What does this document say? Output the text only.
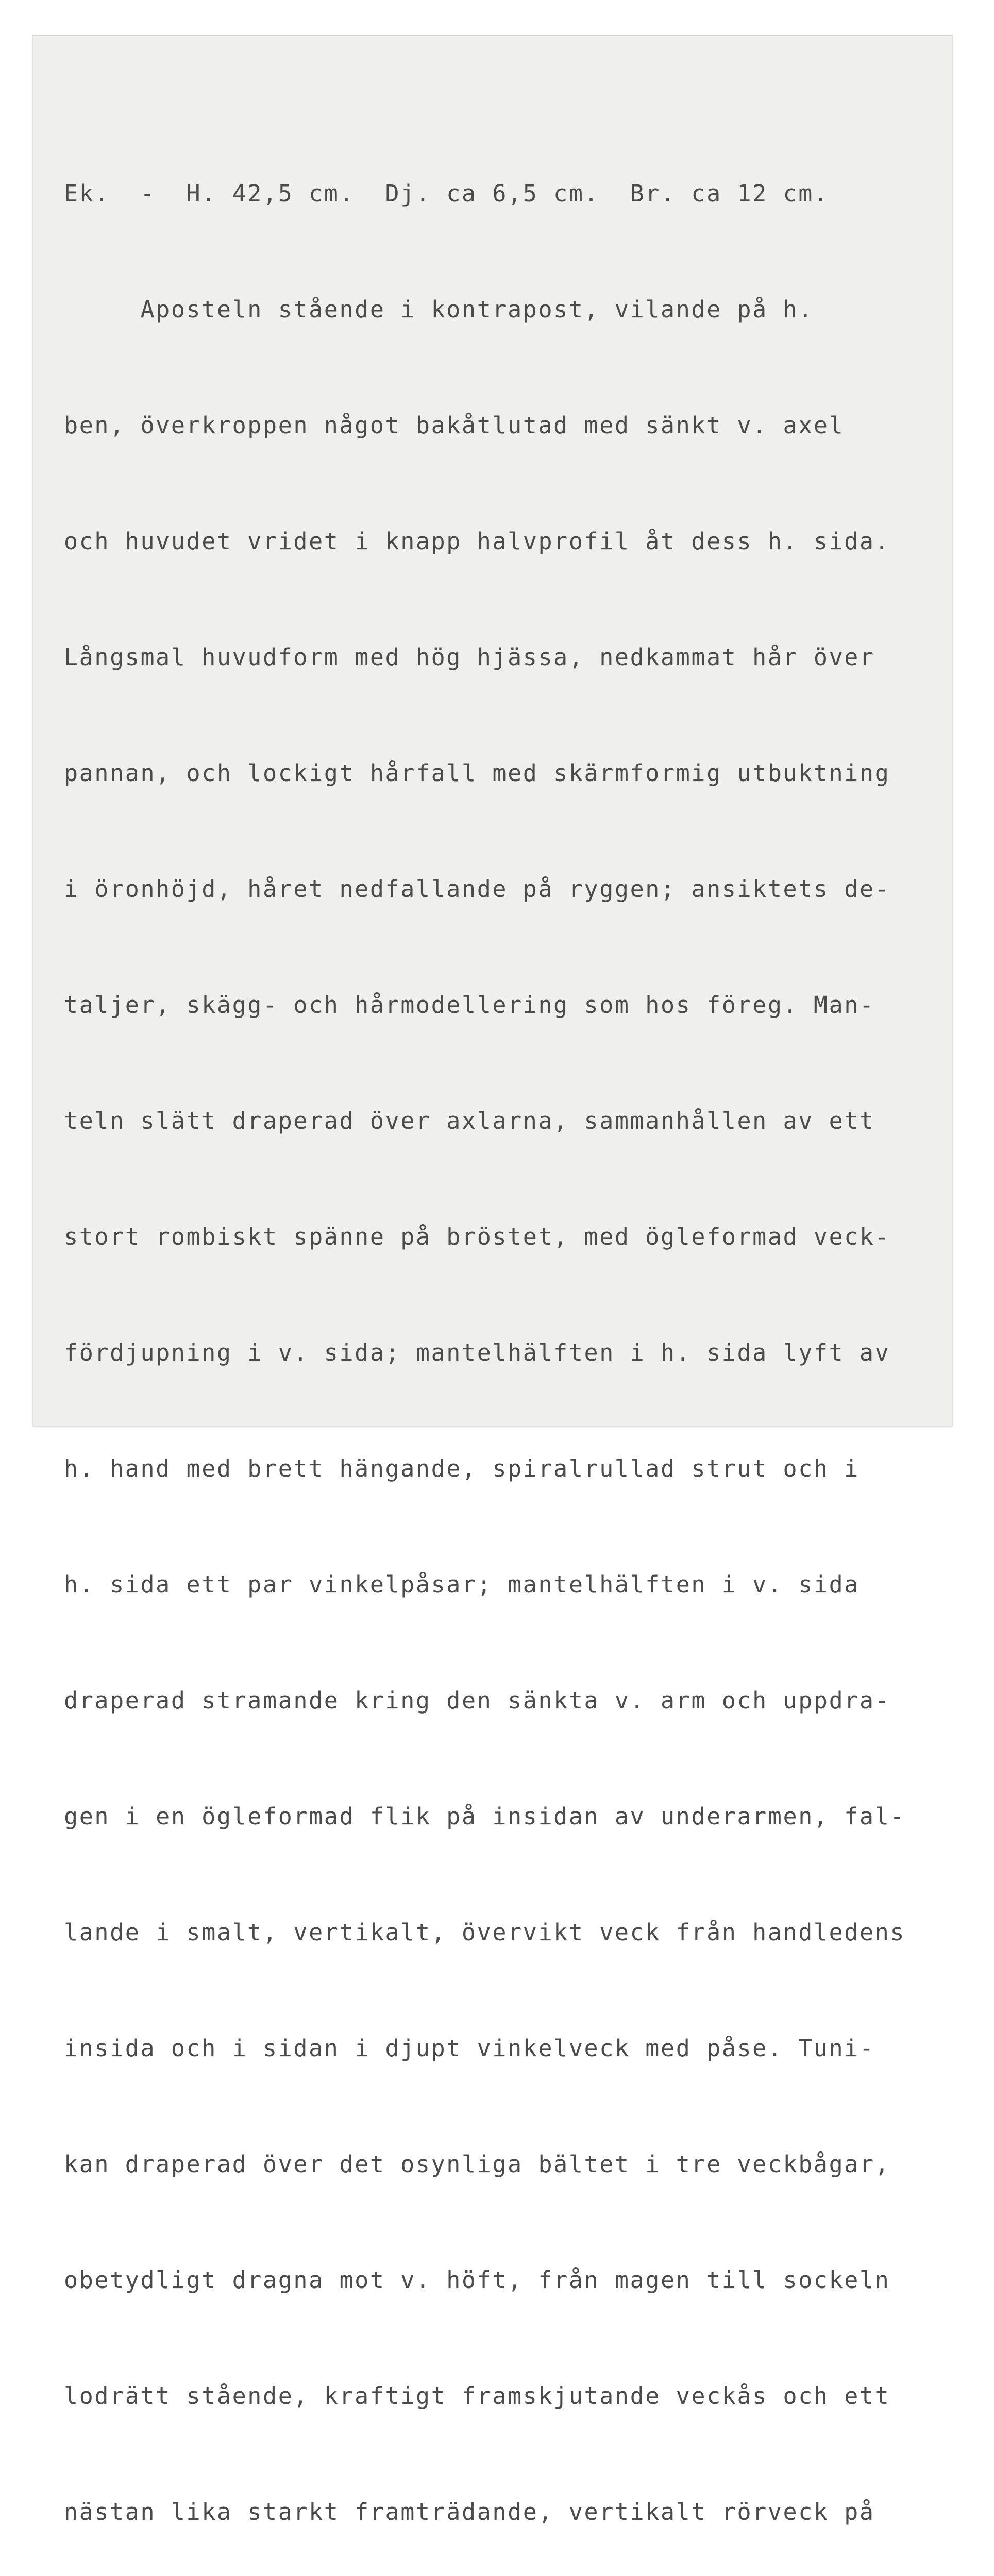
Ek.  -  H. 42,5 cm.  Dj. ca 6,5 cm.  Br. ca 12 cm.

Aposteln stående i kontrapost, vilande på h.

ben, överkroppen något bakåtlutad med sänkt v. axel

och huvudet vridet i knapp halvprofil åt dess h. sida.

Långsmal huvudform med hög hjässa, nedkammat hår över

pannan, och lockigt hårfall med skärmformig utbuktning

i öronhöjd, håret nedfallande på ryggen; ansiktets de-

taljer, skägg- och hårmodellering som hos föreg. Man-

teln slätt draperad över axlarna, sammanhållen av ett

stort rombiskt spänne på bröstet, med ögleformad veck-

fördjupning i v. sida; mantelhälften i h. sida lyft av

h. hand med brett hängande, spiralrullad strut och i

h. sida ett par vinkelpåsar; mantelhälften i v. sida

draperad stramande kring den sänkta v. arm och uppdra-

gen i en ögleformad flik på insidan av underarmen, fal-

lande i smalt, vertikalt, övervikt veck från handledens

insida och i sidan i djupt vinkelveck med påse. Tuni-

kan draperad över det osynliga bältet i tre veckbågar,

obetydligt dragna mot v. höft, från magen till sockeln

lodrätt stående, kraftigt framskjutande veckås och ett

nästan lika starkt framträdande, vertikalt rörveck på
